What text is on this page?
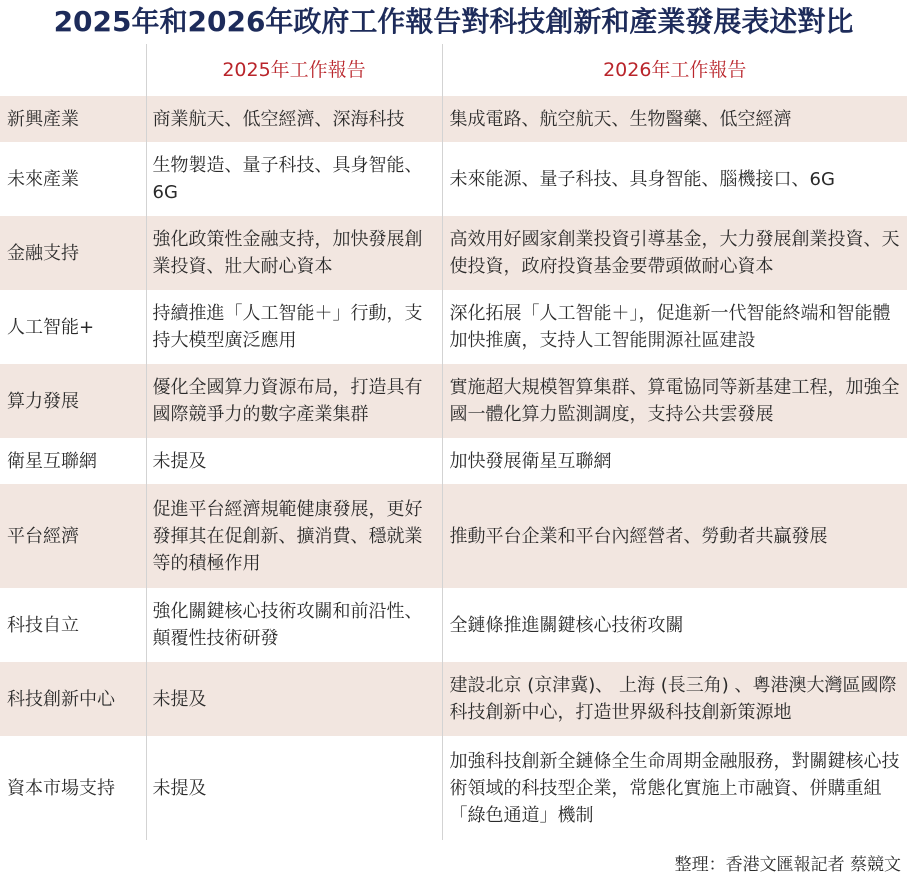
2025年和2026年政府工作報告對科技創新和產業發展表述對比
	2025年工作報告	2026年工作報告
新興產業	商業航天、低空經濟、深海科技	集成電路、航空航天、生物醫藥、低空經濟
未來產業	生物製造、量子科技、具身智能、6G	未來能源、量子科技、具身智能、腦機接口、6G
金融支持	強化政策性金融支持，加快發展創業投資、壯大耐心資本	高效用好國家創業投資引導基金，大力發展創業投資、天使投資，政府投資基金要帶頭做耐心資本
人工智能+	持續推進「人工智能＋」行動，支持大模型廣泛應用	深化拓展「人工智能＋」，促進新一代智能終端和智能體加快推廣，支持人工智能開源社區建設
算力發展	優化全國算力資源布局，打造具有國際競爭力的數字產業集群	實施超大規模智算集群、算電協同等新基建工程，加強全國一體化算力監測調度，支持公共雲發展
衛星互聯網	未提及	加快發展衛星互聯網
平台經濟	促進平台經濟規範健康發展，更好發揮其在促創新、擴消費、穩就業等的積極作用	推動平台企業和平台內經營者、勞動者共贏發展
科技自立	強化關鍵核心技術攻關和前沿性、顛覆性技術研發	全鏈條推進關鍵核心技術攻關
科技創新中心	未提及	建設北京 (京津冀)、 上海 (長三角) 、粵港澳大灣區國際科技創新中心，打造世界級科技創新策源地
資本市場支持	未提及	加強科技創新全鏈條全生命周期金融服務，對關鍵核心技術領域的科技型企業，常態化實施上市融資、併購重組「綠色通道」機制
整理：香港文匯報記者 蔡競文
